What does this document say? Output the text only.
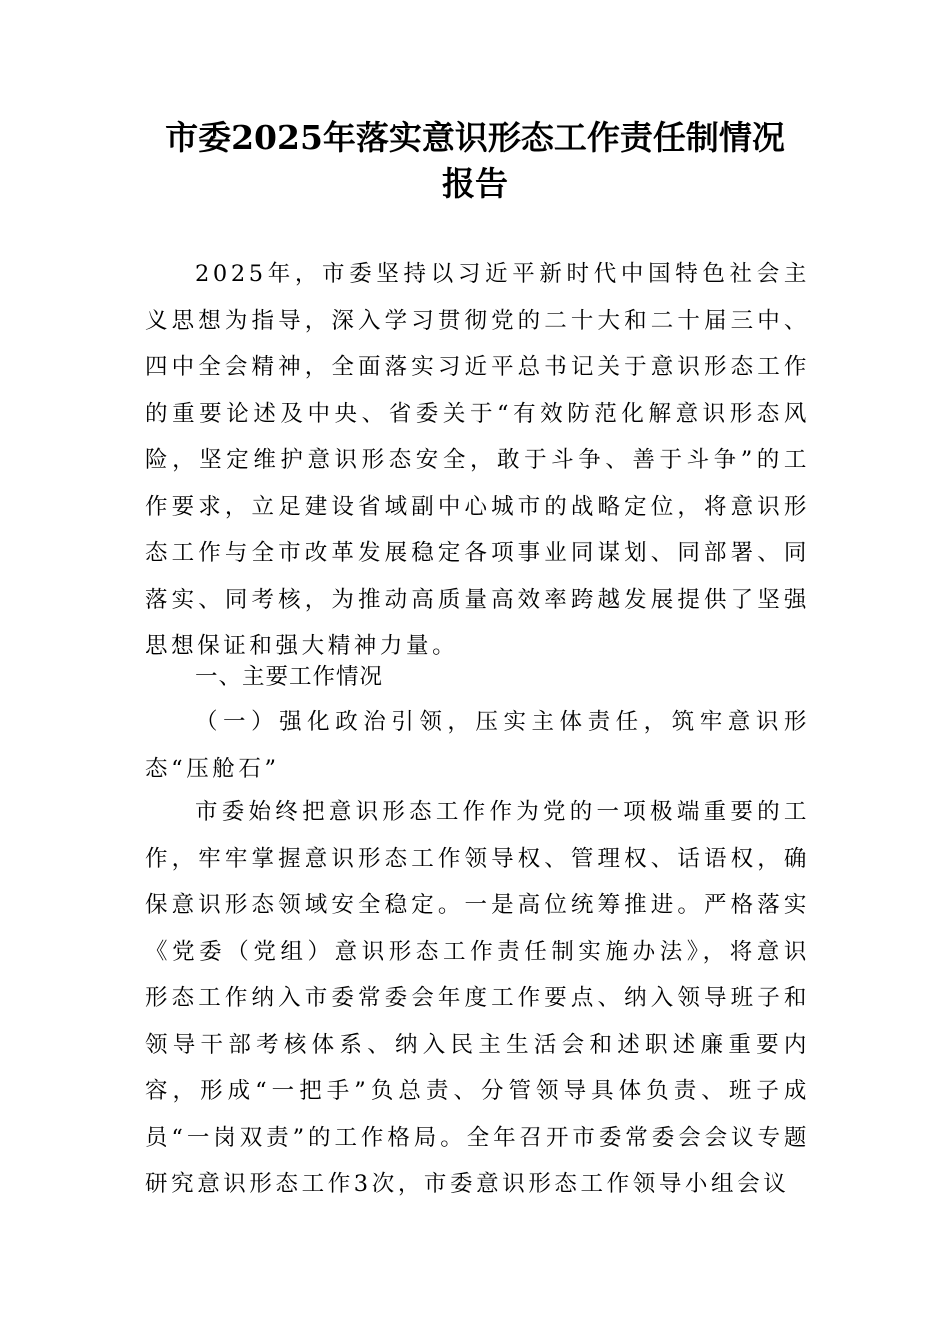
市委2025年落实意识形态工作责任制情况
报告

2025年，市委坚持以习近平新时代中国特色社会主义思想为指导，深入学习贯彻党的二十大和二十届三中、四中全会精神，全面落实习近平总书记关于意识形态工作的重要论述及中央、省委关于“有效防范化解意识形态风险，坚定维护意识形态安全，敢于斗争、善于斗争”的工作要求，立足建设省域副中心城市的战略定位，将意识形态工作与全市改革发展稳定各项事业同谋划、同部署、同落实、同考核，为推动高质量高效率跨越发展提供了坚强思想保证和强大精神力量。

一、主要工作情况

（一）强化政治引领，压实主体责任，筑牢意识形态“压舱石”

市委始终把意识形态工作作为党的一项极端重要的工作，牢牢掌握意识形态工作领导权、管理权、话语权，确保意识形态领域安全稳定。一是高位统筹推进。严格落实《党委（党组）意识形态工作责任制实施办法》，将意识形态工作纳入市委常委会年度工作要点、纳入领导班子和领导干部考核体系、纳入民主生活会和述职述廉重要内容，形成“一把手”负总责、分管领导具体负责、班子成员“一岗双责”的工作格局。全年召开市委常委会会议专题研究意识形态工作3次，市委意识形态工作领导小组会议
